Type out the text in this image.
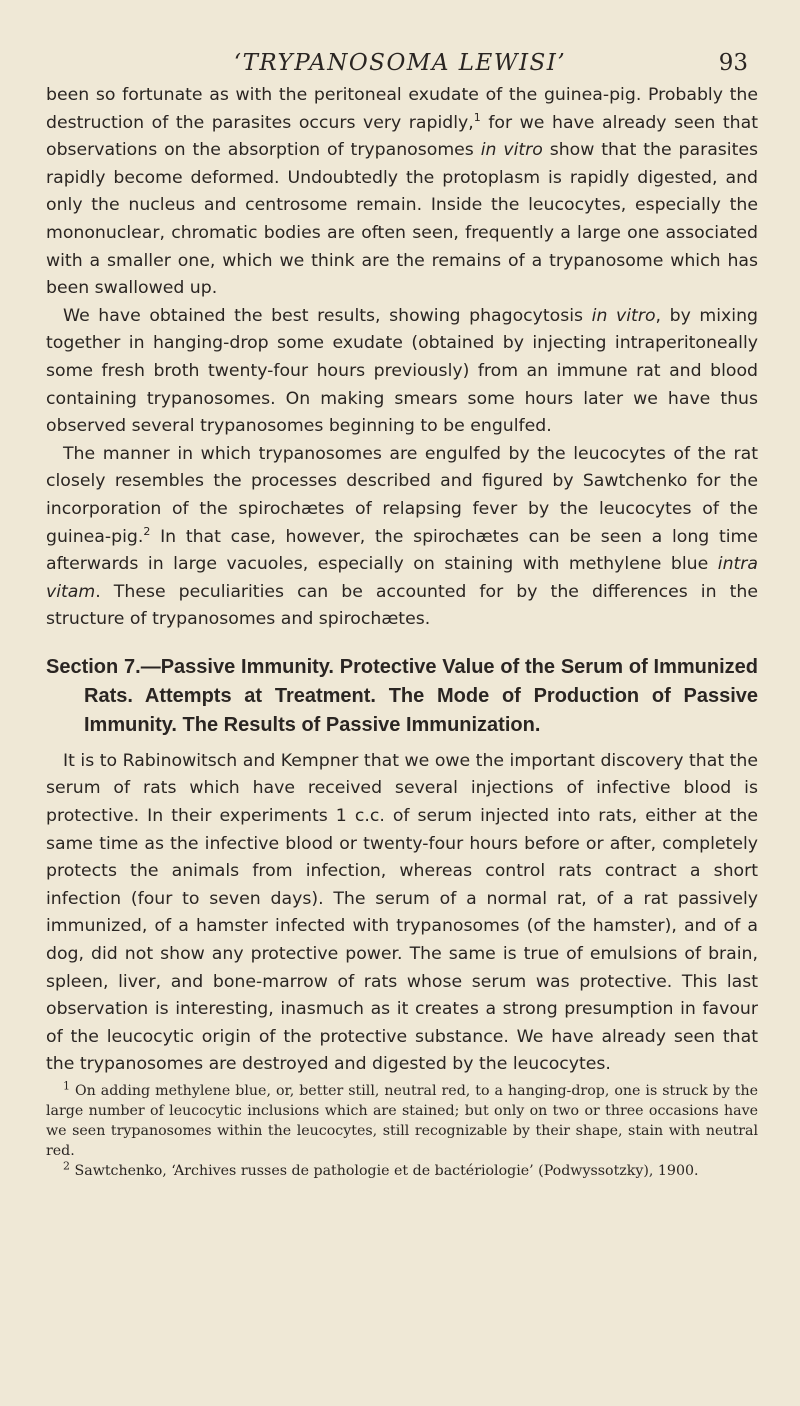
‘TRYPANOSOMA LEWISI’	93

been so fortunate as with the peritoneal exudate of the guinea-pig. Probably the destruction of the parasites occurs very rapidly,$^1$ for we have already seen that observations on the absorption of trypanosomes in vitro show that the parasites rapidly become deformed. Undoubtedly the protoplasm is rapidly digested, and only the nucleus and centrosome remain. Inside the leucocytes, especially the mononuclear, chromatic bodies are often seen, frequently a large one associated with a smaller one, which we think are the remains of a trypanosome which has been swallowed up.

We have obtained the best results, showing phagocytosis in vitro, by mixing together in hanging-drop some exudate (obtained by injecting intraperitoneally some fresh broth twenty-four hours previously) from an immune rat and blood containing trypanosomes. On making smears some hours later we have thus observed several trypanosomes beginning to be engulfed.

The manner in which trypanosomes are engulfed by the leucocytes of the rat closely resembles the processes described and figured by Sawtchenko for the incorporation of the spirochætes of relapsing fever by the leucocytes of the guinea-pig.$^2$ In that case, however, the spirochætes can be seen a long time afterwards in large vacuoles, especially on staining with methylene blue intra vitam. These peculiarities can be accounted for by the differences in the structure of trypanosomes and spirochætes.

Section 7.—Passive Immunity. Protective Value of the Serum of Immunized Rats. Attempts at Treatment. The Mode of Production of Passive Immunity. The Results of Passive Immunization.

It is to Rabinowitsch and Kempner that we owe the important discovery that the serum of rats which have received several injections of infective blood is protective. In their experiments 1 c.c. of serum injected into rats, either at the same time as the infective blood or twenty-four hours before or after, completely protects the animals from infection, whereas control rats contract a short infection (four to seven days). The serum of a normal rat, of a rat passively immunized, of a hamster infected with trypanosomes (of the hamster), and of a dog, did not show any protective power. The same is true of emulsions of brain, spleen, liver, and bone-marrow of rats whose serum was protective. This last observation is interesting, inasmuch as it creates a strong presumption in favour of the leucocytic origin of the protective substance. We have already seen that the trypanosomes are destroyed and digested by the leucocytes.

$^1$ On adding methylene blue, or, better still, neutral red, to a hanging-drop, one is struck by the large number of leucocytic inclusions which are stained; but only on two or three occasions have we seen trypanosomes within the leucocytes, still recognizable by their shape, stain with neutral red.

$^2$ Sawtchenko, ‘Archives russes de pathologie et de bactériologie’ (Podwyssotzky), 1900.
